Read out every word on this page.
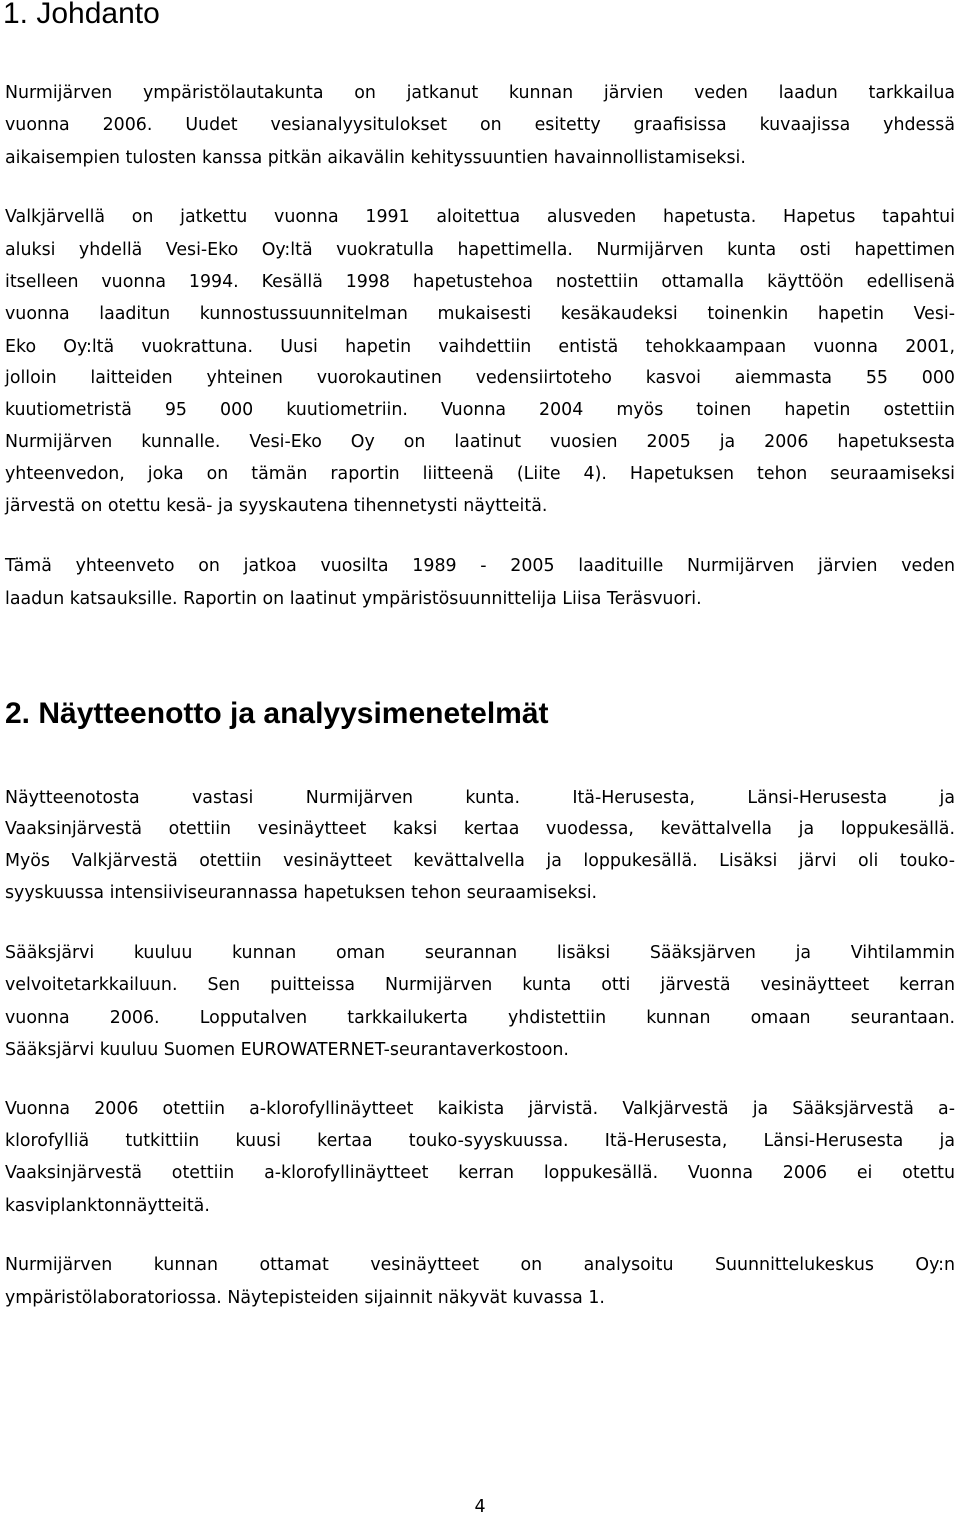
1. Johdanto

Nurmijärven ympäristölautakunta on jatkanut kunnan järvien veden laadun tarkkailua

vuonna 2006. Uudet vesianalyysitulokset on esitetty graafisissa kuvaajissa yhdessä

aikaisempien tulosten kanssa pitkän aikavälin kehityssuuntien havainnollistamiseksi.

Valkjärvellä on jatkettu vuonna 1991 aloitettua alusveden hapetusta. Hapetus tapahtui

aluksi yhdellä Vesi-Eko Oy:ltä vuokratulla hapettimella. Nurmijärven kunta osti hapettimen

itselleen vuonna 1994. Kesällä 1998 hapetustehoa nostettiin ottamalla käyttöön edellisenä

vuonna laaditun kunnostussuunnitelman mukaisesti kesäkaudeksi toinenkin hapetin Vesi-

Eko Oy:ltä vuokrattuna. Uusi hapetin vaihdettiin entistä tehokkaampaan vuonna 2001,

jolloin laitteiden yhteinen vuorokautinen vedensiirtoteho kasvoi aiemmasta 55 000

kuutiometristä 95 000 kuutiometriin. Vuonna 2004 myös toinen hapetin ostettiin

Nurmijärven kunnalle. Vesi-Eko Oy on laatinut vuosien 2005 ja 2006 hapetuksesta

yhteenvedon, joka on tämän raportin liitteenä (Liite 4). Hapetuksen tehon seuraamiseksi

järvestä on otettu kesä- ja syyskautena tihennetysti näytteitä.

Tämä yhteenveto on jatkoa vuosilta 1989 - 2005 laadituille Nurmijärven järvien veden

laadun katsauksille. Raportin on laatinut ympäristösuunnittelija Liisa Teräsvuori.

2. Näytteenotto ja analyysimenetelmät

Näytteenotosta vastasi Nurmijärven kunta. Itä-Herusesta, Länsi-Herusesta ja

Vaaksinjärvestä otettiin vesinäytteet kaksi kertaa vuodessa, kevättalvella ja loppukesällä.

Myös Valkjärvestä otettiin vesinäytteet kevättalvella ja loppukesällä. Lisäksi järvi oli touko-

syyskuussa intensiiviseurannassa hapetuksen tehon seuraamiseksi.

Sääksjärvi kuuluu kunnan oman seurannan lisäksi Sääksjärven ja Vihtilammin

velvoitetarkkailuun. Sen puitteissa Nurmijärven kunta otti järvestä vesinäytteet kerran

vuonna 2006. Lopputalven tarkkailukerta yhdistettiin kunnan omaan seurantaan.

Sääksjärvi kuuluu Suomen EUROWATERNET-seurantaverkostoon.

Vuonna 2006 otettiin a-klorofyllinäytteet kaikista järvistä. Valkjärvestä ja Sääksjärvestä a-

klorofylliä tutkittiin kuusi kertaa touko-syyskuussa. Itä-Herusesta, Länsi-Herusesta ja

Vaaksinjärvestä otettiin a-klorofyllinäytteet kerran loppukesällä. Vuonna 2006 ei otettu

kasviplanktonnäytteitä.

Nurmijärven kunnan ottamat vesinäytteet on analysoitu Suunnittelukeskus Oy:n

ympäristölaboratoriossa. Näytepisteiden sijainnit näkyvät kuvassa 1.

4
